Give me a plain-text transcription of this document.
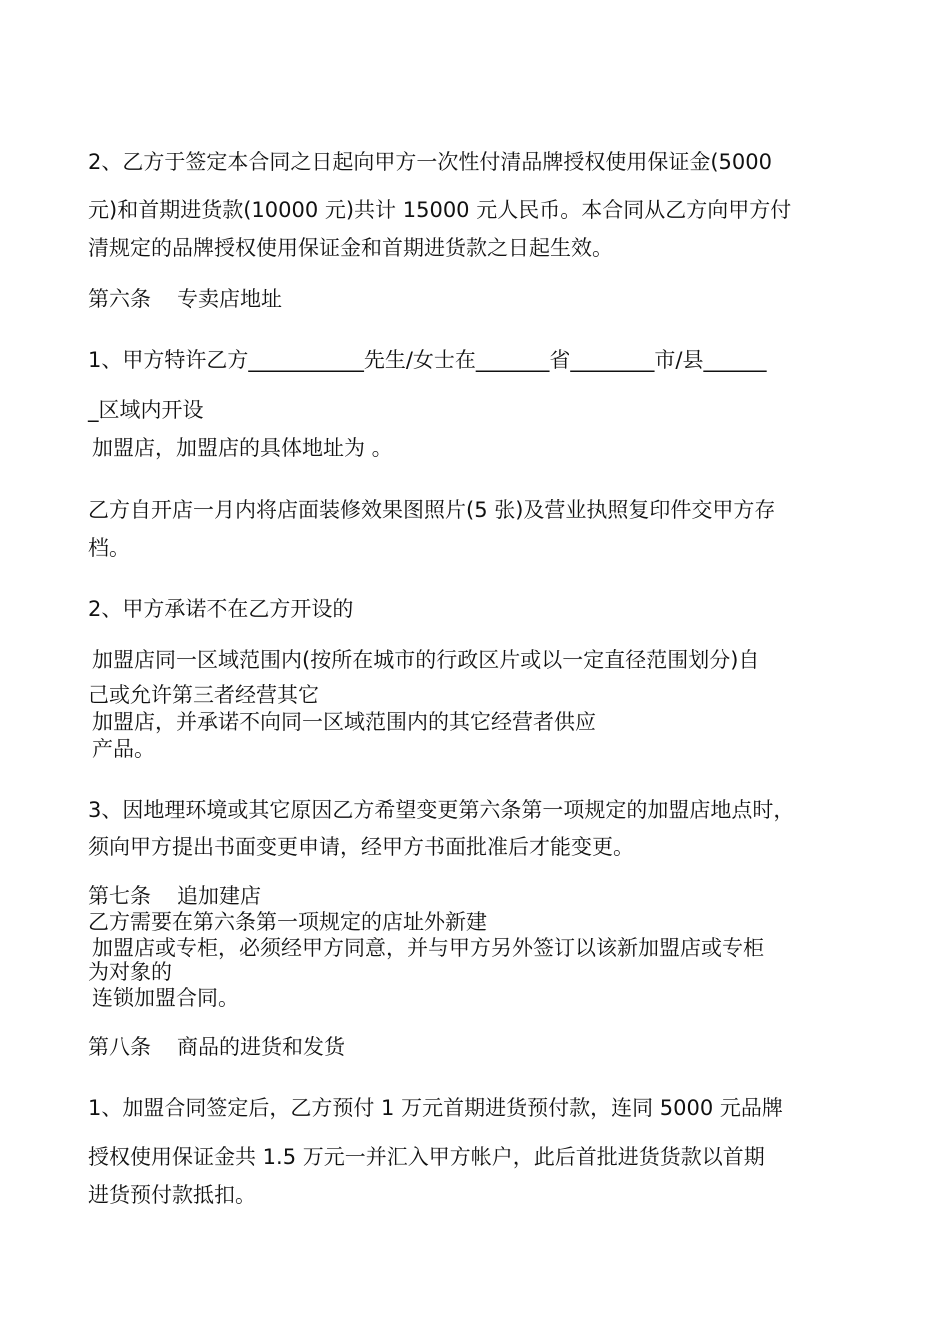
2、乙方于签定本合同之日起向甲方一次性付清品牌授权使用保证金(5000
元)和首期进货款(10000 元)共计 15000 元人民币。本合同从乙方向甲方付
清规定的品牌授权使用保证金和首期进货款之日起生效。
第六条 专卖店地址
1、甲方特许乙方___________先生/女士在_______省________市/县______
_区域内开设
加盟店，加盟店的具体地址为 。
乙方自开店一月内将店面装修效果图照片(5 张)及营业执照复印件交甲方存
档。
2、甲方承诺不在乙方开设的
加盟店同一区域范围内(按所在城市的行政区片或以一定直径范围划分)自
己或允许第三者经营其它
加盟店，并承诺不向同一区域范围内的其它经营者供应
产品。
3、因地理环境或其它原因乙方希望变更第六条第一项规定的加盟店地点时，
须向甲方提出书面变更申请，经甲方书面批准后才能变更。
第七条 追加建店
乙方需要在第六条第一项规定的店址外新建
加盟店或专柜，必须经甲方同意，并与甲方另外签订以该新加盟店或专柜
为对象的
连锁加盟合同。
第八条 商品的进货和发货
1、加盟合同签定后，乙方预付 1 万元首期进货预付款，连同 5000 元品牌
授权使用保证金共 1.5 万元一并汇入甲方帐户，此后首批进货货款以首期
进货预付款抵扣。
